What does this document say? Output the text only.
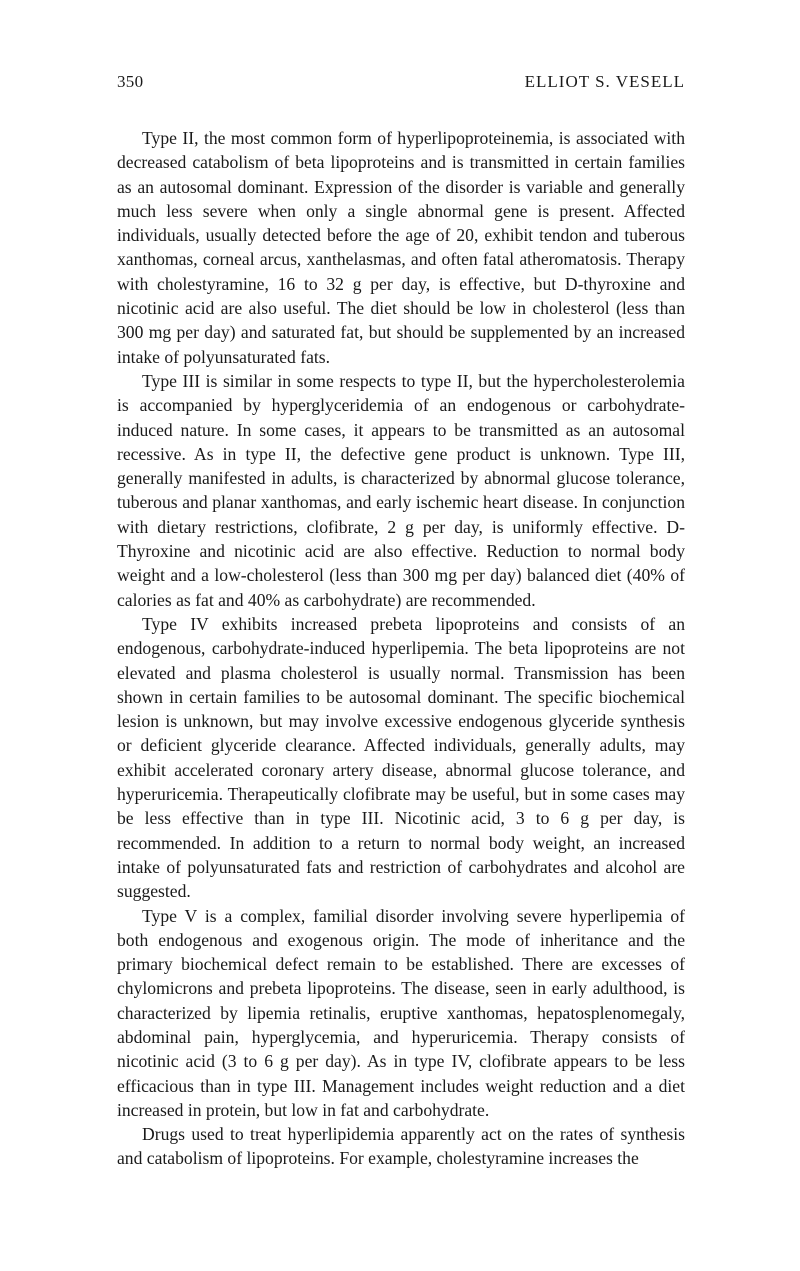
350	ELLIOT S. VESELL

Type II, the most common form of hyperlipoproteinemia, is associated with decreased catabolism of beta lipoproteins and is transmitted in certain families as an autosomal dominant. Expression of the disorder is variable and generally much less severe when only a single abnormal gene is present. Affected individuals, usually detected before the age of 20, exhibit tendon and tuberous xanthomas, corneal arcus, xanthelasmas, and often fatal atheromatosis. Therapy with cholestyramine, 16 to 32 g per day, is effective, but D-thyroxine and nicotinic acid are also useful. The diet should be low in cholesterol (less than 300 mg per day) and saturated fat, but should be supplemented by an increased intake of polyunsaturated fats.

Type III is similar in some respects to type II, but the hypercholesterolemia is accompanied by hyperglyceridemia of an endogenous or carbohydrate-induced nature. In some cases, it appears to be transmitted as an autosomal recessive. As in type II, the defective gene product is unknown. Type III, generally manifested in adults, is characterized by abnormal glucose tolerance, tuberous and planar xanthomas, and early ischemic heart disease. In conjunction with dietary restrictions, clofibrate, 2 g per day, is uniformly effective. D-Thyroxine and nicotinic acid are also effective. Reduction to normal body weight and a low-cholesterol (less than 300 mg per day) balanced diet (40% of calories as fat and 40% as carbohydrate) are recommended.

Type IV exhibits increased prebeta lipoproteins and consists of an endogenous, carbohydrate-induced hyperlipemia. The beta lipoproteins are not elevated and plasma cholesterol is usually normal. Transmission has been shown in certain families to be autosomal dominant. The specific biochemical lesion is unknown, but may involve excessive endogenous glyceride synthesis or deficient glyceride clearance. Affected individuals, generally adults, may exhibit accelerated coronary artery disease, abnormal glucose tolerance, and hyperuricemia. Therapeutically clofibrate may be useful, but in some cases may be less effective than in type III. Nicotinic acid, 3 to 6 g per day, is recommended. In addition to a return to normal body weight, an increased intake of polyunsaturated fats and restriction of carbohydrates and alcohol are suggested.

Type V is a complex, familial disorder involving severe hyperlipemia of both endogenous and exogenous origin. The mode of inheritance and the primary biochemical defect remain to be established. There are excesses of chylomicrons and prebeta lipoproteins. The disease, seen in early adulthood, is characterized by lipemia retinalis, eruptive xanthomas, hepatosplenomegaly, abdominal pain, hyperglycemia, and hyperuricemia. Therapy consists of nicotinic acid (3 to 6 g per day). As in type IV, clofibrate appears to be less efficacious than in type III. Management includes weight reduction and a diet increased in protein, but low in fat and carbohydrate.

Drugs used to treat hyperlipidemia apparently act on the rates of synthesis and catabolism of lipoproteins. For example, cholestyramine increases the
